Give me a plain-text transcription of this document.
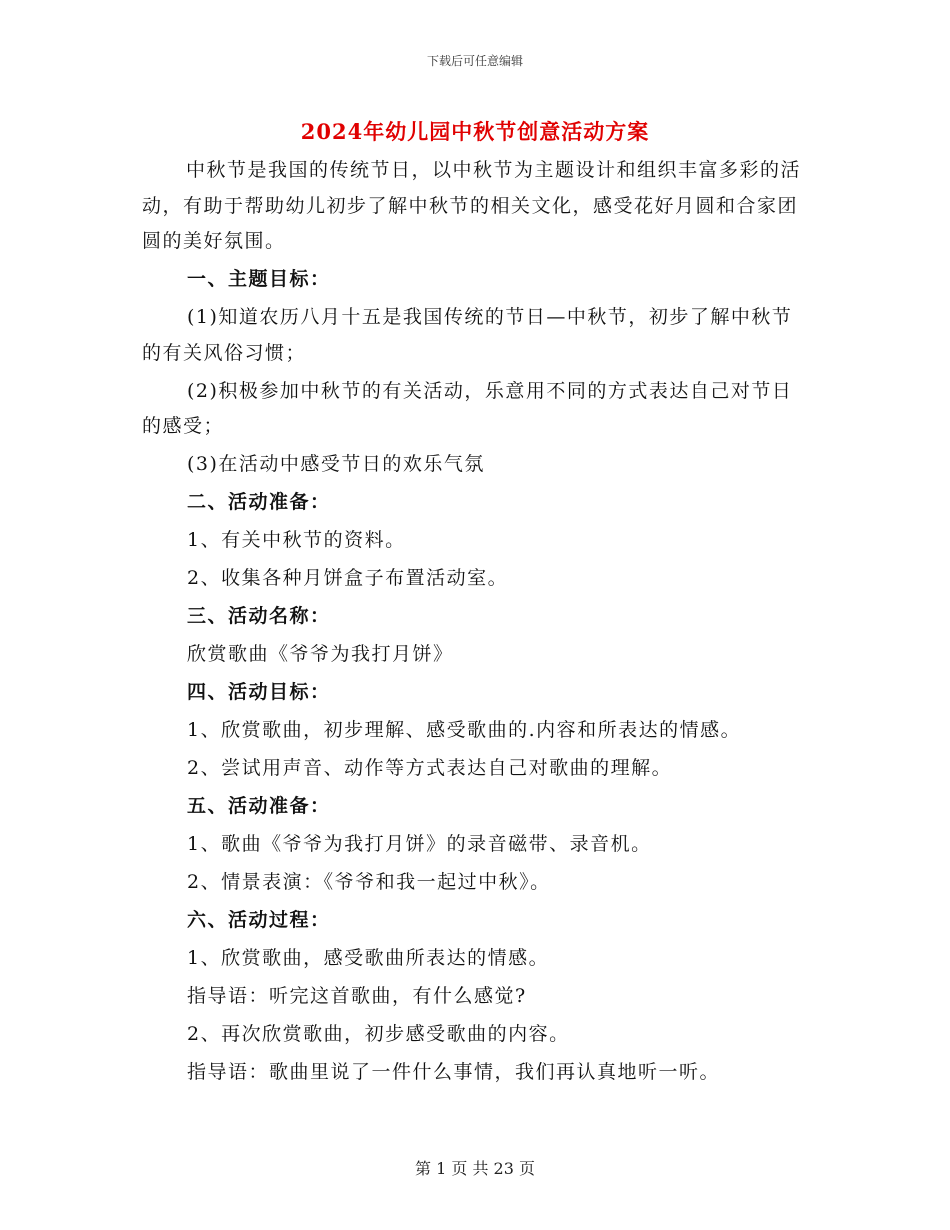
下载后可任意编辑
2024年幼儿园中秋节创意活动方案

中秋节是我国的传统节日，以中秋节为主题设计和组织丰富多彩的活动，有助于帮助幼儿初步了解中秋节的相关文化，感受花好月圆和合家团圆的美好氛围。

一、主题目标：

(1)知道农历八月十五是我国传统的节日—中秋节，初步了解中秋节的有关风俗习惯；

(2)积极参加中秋节的有关活动，乐意用不同的方式表达自己对节日的感受；

(3)在活动中感受节日的欢乐气氛

二、活动准备：

1、有关中秋节的资料。

2、收集各种月饼盒子布置活动室。

三、活动名称：

欣赏歌曲《爷爷为我打月饼》

四、活动目标：

1、欣赏歌曲，初步理解、感受歌曲的.内容和所表达的情感。

2、尝试用声音、动作等方式表达自己对歌曲的理解。

五、活动准备：

1、歌曲《爷爷为我打月饼》的录音磁带、录音机。

2、情景表演：《爷爷和我一起过中秋》。

六、活动过程：

1、欣赏歌曲，感受歌曲所表达的情感。

指导语：听完这首歌曲，有什么感觉?

2、再次欣赏歌曲，初步感受歌曲的内容。

指导语：歌曲里说了一件什么事情，我们再认真地听一听。

第 1 页 共 23 页
